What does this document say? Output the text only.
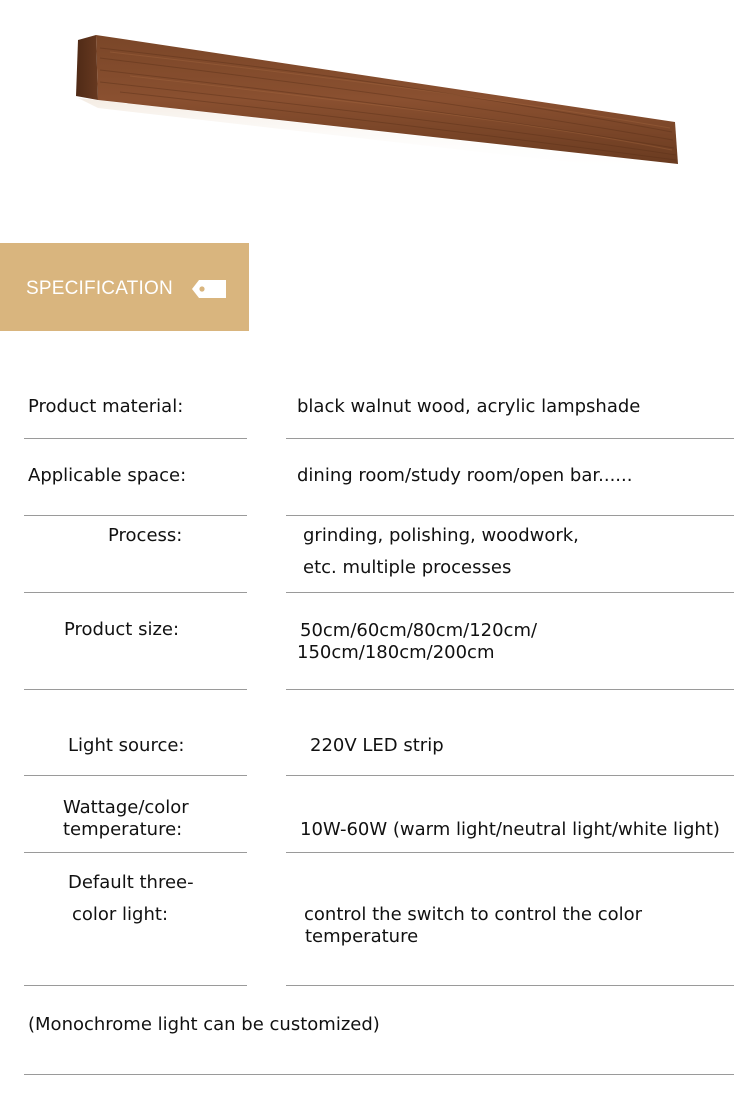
SPECIFICATION
Product material:	black walnut wood, acrylic lampshade
Applicable space:	dining room/study room/open bar......
Process:	grinding, polishing, woodwork,
etc. multiple processes
Product size:	50cm/60cm/80cm/120cm/
150cm/180cm/200cm
Light source:	220V LED strip
Wattage/color
temperature:	10W-60W (warm light/neutral light/white light)
Default three-
color light:	control the switch to control the color
temperature
(Monochrome light can be customized)
